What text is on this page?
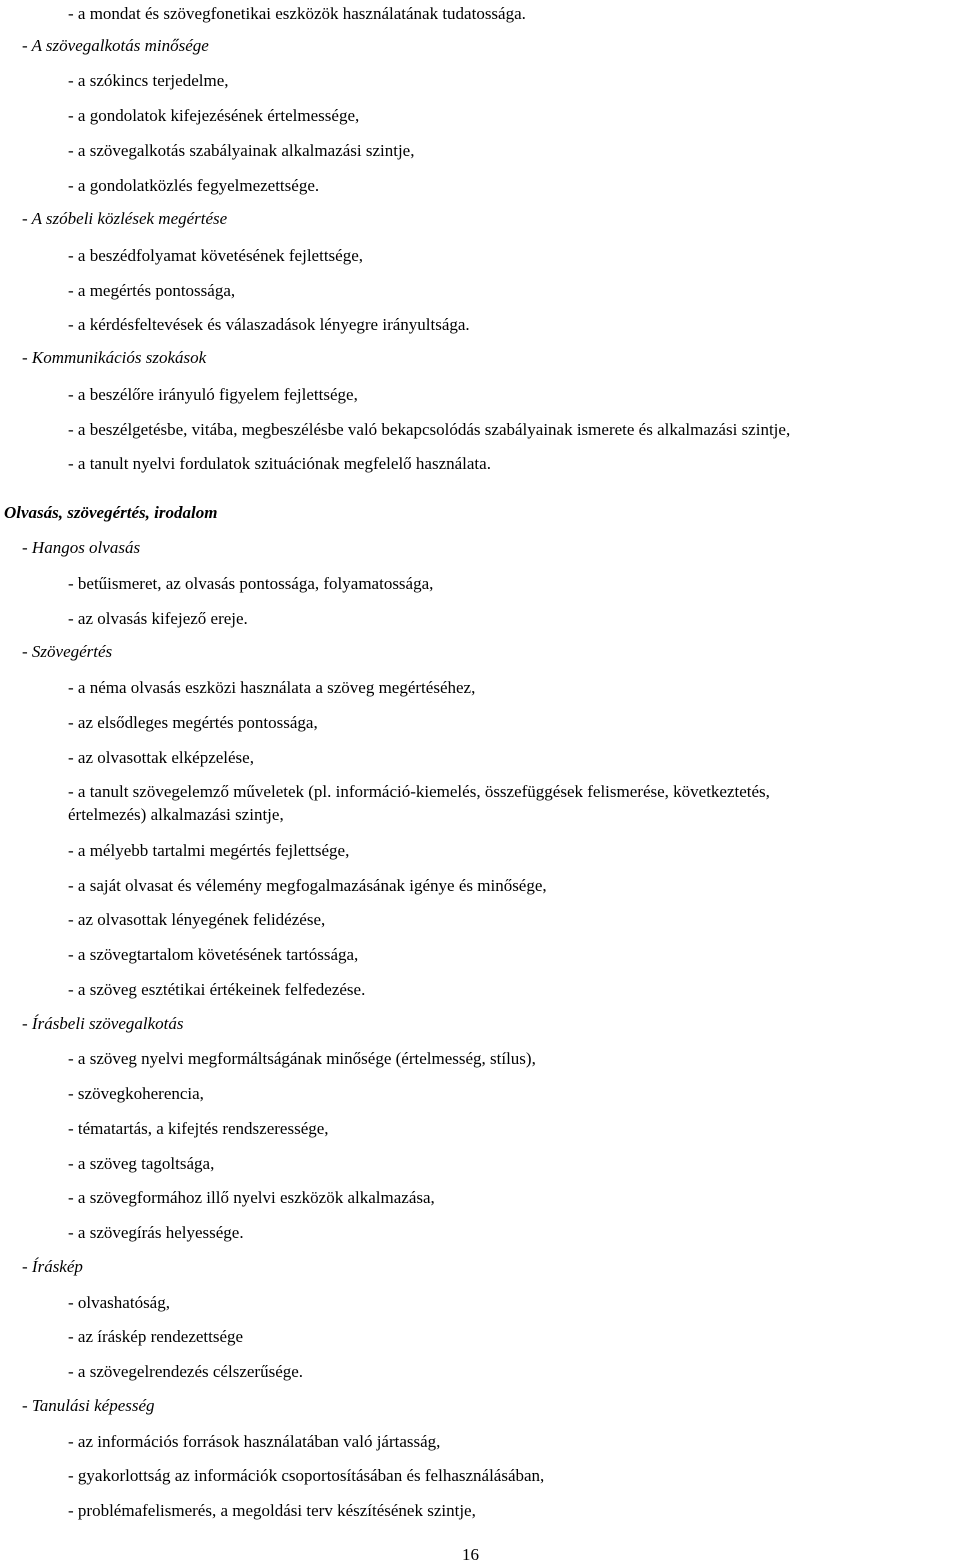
- a mondat és szövegfonetikai eszközök használatának tudatossága.
- A szövegalkotás minősége
- a szókincs terjedelme,
- a gondolatok kifejezésének értelmessége,
- a szövegalkotás szabályainak alkalmazási szintje,
- a gondolatközlés fegyelmezettsége.
- A szóbeli közlések megértése
- a beszédfolyamat követésének fejlettsége,
- a megértés pontossága,
- a kérdésfeltevések és válaszadások lényegre irányultsága.
- Kommunikációs szokások
- a beszélőre irányuló figyelem fejlettsége,
- a beszélgetésbe, vitába, megbeszélésbe való bekapcsolódás szabályainak ismerete és alkalmazási szintje,
- a tanult nyelvi fordulatok szituációnak megfelelő használata.
Olvasás, szövegértés, irodalom
- Hangos olvasás
- betűismeret, az olvasás pontossága, folyamatossága,
- az olvasás kifejező ereje.
- Szövegértés
- a néma olvasás eszközi használata a szöveg megértéséhez,
- az elsődleges megértés pontossága,
- az olvasottak elképzelése,
- a tanult szövegelemző műveletek (pl. információ-kiemelés, összefüggések felismerése, következtetés,
értelmezés) alkalmazási szintje,
- a mélyebb tartalmi megértés fejlettsége,
- a saját olvasat és vélemény megfogalmazásának igénye és minősége,
- az olvasottak lényegének felidézése,
- a szövegtartalom követésének tartóssága,
- a szöveg esztétikai értékeinek felfedezése.
- Írásbeli szövegalkotás
- a szöveg nyelvi megformáltságának minősége (értelmesség, stílus),
- szövegkoherencia,
- tématartás, a kifejtés rendszeressége,
- a szöveg tagoltsága,
- a szövegformához illő nyelvi eszközök alkalmazása,
- a szövegírás helyessége.
- Íráskép
- olvashatóság,
- az íráskép rendezettsége
- a szövegelrendezés célszerűsége.
- Tanulási képesség
- az információs források használatában való jártasság,
- gyakorlottság az információk csoportosításában és felhasználásában,
- problémafelismerés, a megoldási terv készítésének szintje,
16
